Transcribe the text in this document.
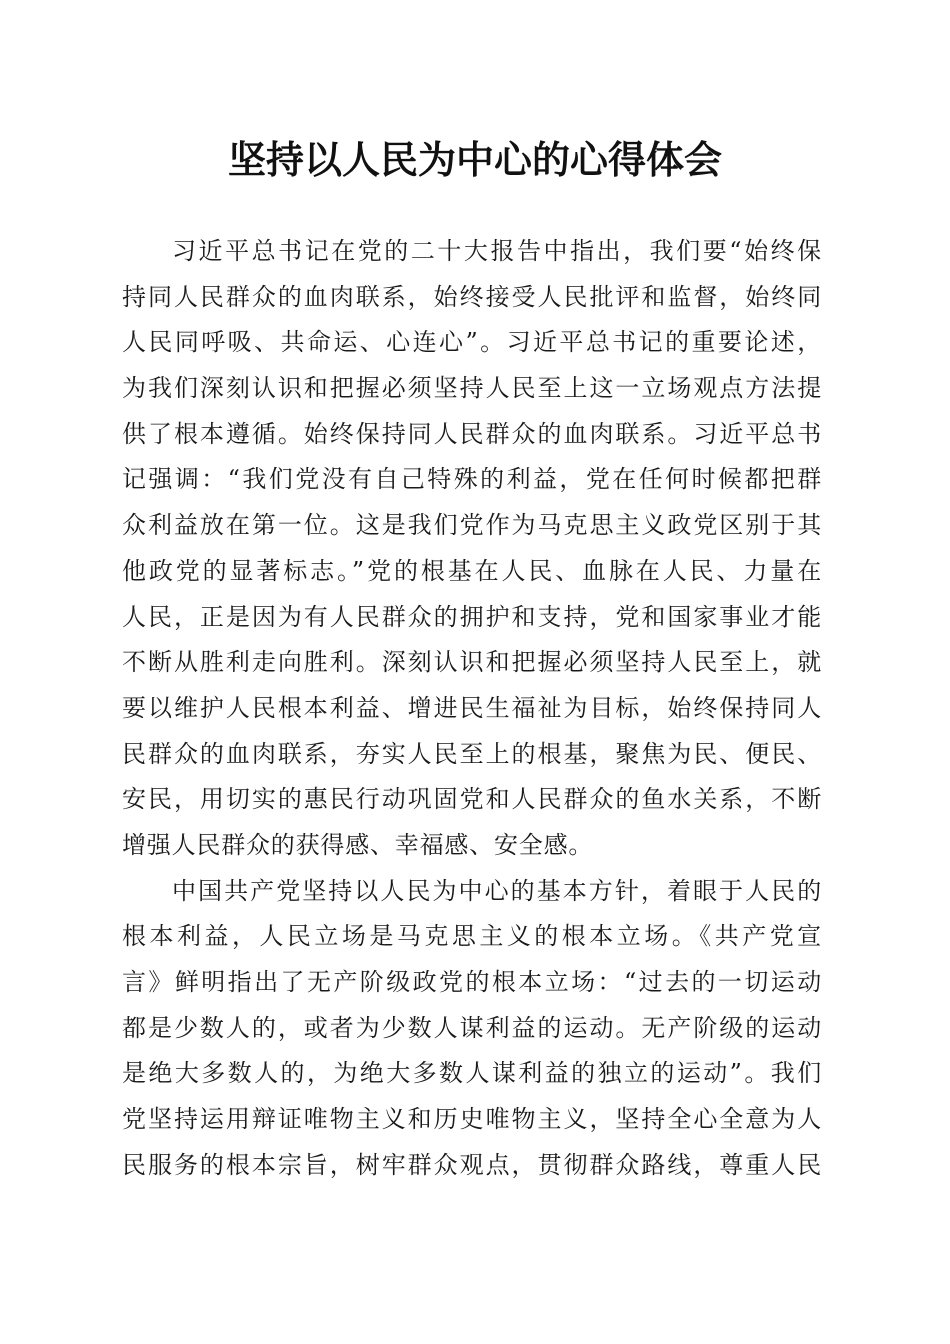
坚持以人民为中心的心得体会
习近平总书记在党的二十大报告中指出，我们要“始终保
持同人民群众的血肉联系，始终接受人民批评和监督，始终同
人民同呼吸、共命运、心连心”。习近平总书记的重要论述，
为我们深刻认识和把握必须坚持人民至上这一立场观点方法提
供了根本遵循。始终保持同人民群众的血肉联系。习近平总书
记强调：“我们党没有自己特殊的利益，党在任何时候都把群
众利益放在第一位。这是我们党作为马克思主义政党区别于其
他政党的显著标志。”党的根基在人民、血脉在人民、力量在
人民，正是因为有人民群众的拥护和支持，党和国家事业才能
不断从胜利走向胜利。深刻认识和把握必须坚持人民至上，就
要以维护人民根本利益、增进民生福祉为目标，始终保持同人
民群众的血肉联系，夯实人民至上的根基，聚焦为民、便民、
安民，用切实的惠民行动巩固党和人民群众的鱼水关系，不断
增强人民群众的获得感、幸福感、安全感。
中国共产党坚持以人民为中心的基本方针，着眼于人民的
根本利益，人民立场是马克思主义的根本立场。《共产党宣
言》鲜明指出了无产阶级政党的根本立场：“过去的一切运动
都是少数人的，或者为少数人谋利益的运动。无产阶级的运动
是绝大多数人的，为绝大多数人谋利益的独立的运动”。我们
党坚持运用辩证唯物主义和历史唯物主义，坚持全心全意为人
民服务的根本宗旨，树牢群众观点，贯彻群众路线，尊重人民
